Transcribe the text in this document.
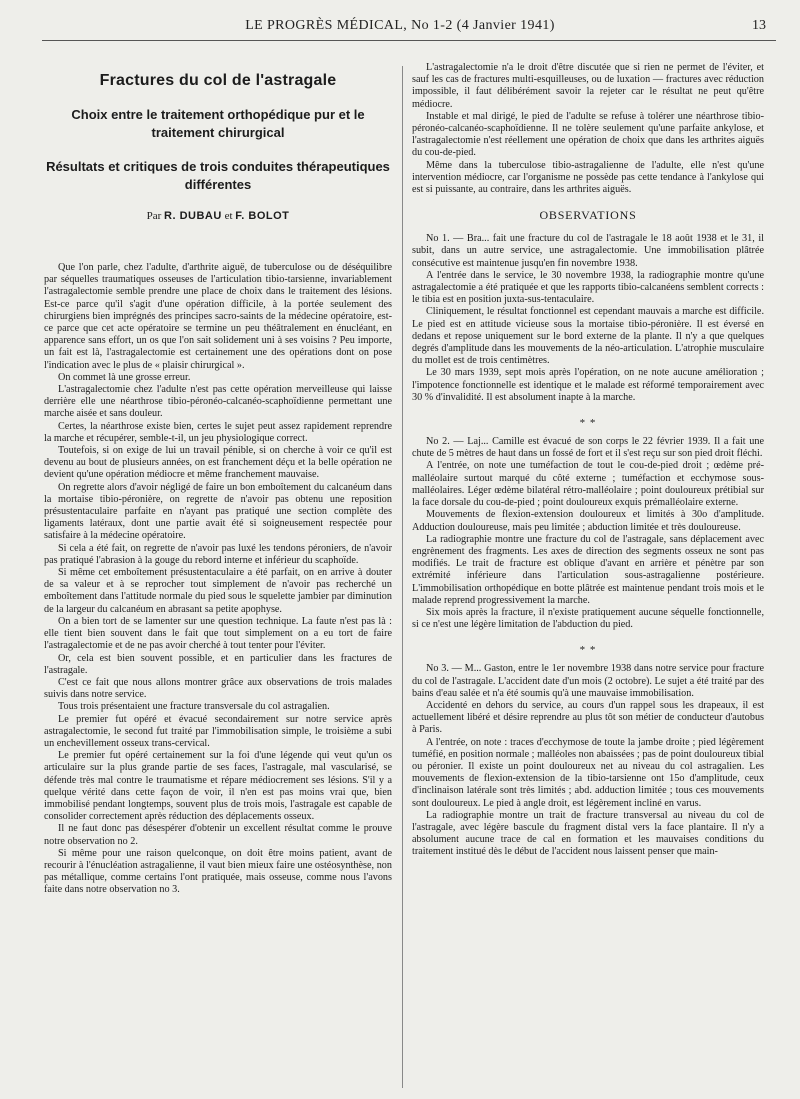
LE PROGRÈS MÉDICAL, No 1-2 (4 Janvier 1941)	13
Fractures du col de l'astragale
Choix entre le traitement orthopédique pur et le traitement chirurgical
Résultats et critiques de trois conduites thérapeutiques différentes
Par R. DUBAU et F. BOLOT

Que l'on parle, chez l'adulte, d'arthrite aiguë, de tuberculose ou de déséquilibre par séquelles traumatiques osseuses de l'articulation tibio-tarsienne, invariablement l'astragalectomie semble prendre une place de choix dans le traitement des lésions. Est-ce parce qu'il s'agit d'une opération difficile, à la portée seulement des chirurgiens bien imprégnés des principes sacro-saints de la médecine opératoire, est-ce parce que cet acte opératoire se termine un peu théâtralement en énucléant, en apparence sans effort, un os que l'on sait solidement uni à ses voisins ? Peu importe, un fait est là, l'astragalectomie est certainement une des opérations dont on pose l'indication avec le plus de « plaisir chirurgical ».

On commet là une grosse erreur.

L'astragalectomie chez l'adulte n'est pas cette opération merveilleuse qui laisse derrière elle une néarthrose tibio-péronéo-calcanéo-scaphoïdienne permettant une marche aisée et sans douleur.

Certes, la néarthrose existe bien, certes le sujet peut assez rapidement reprendre la marche et récupérer, semble-t-il, un jeu physiologique correct.

Toutefois, si on exige de lui un travail pénible, si on cherche à voir ce qu'il est devenu au bout de plusieurs années, on est franchement déçu et la belle opération ne devient qu'une opération médiocre et même franchement mauvaise.

On regrette alors d'avoir négligé de faire un bon emboîtement du calcanéum dans la mortaise tibio-péronière, on regrette de n'avoir pas obtenu une reposition présustentaculaire parfaite en n'ayant pas pratiqué une section complète des ligaments latéraux, dont une partie avait été si soigneusement respectée pour satisfaire à la médecine opératoire.

Si cela a été fait, on regrette de n'avoir pas luxé les tendons péroniers, de n'avoir pas pratiqué l'abrasion à la gouge du rebord interne et inférieur du scaphoïde.

Si même cet emboîtement présustentaculaire a été parfait, on en arrive à douter de sa valeur et à se reprocher tout simplement de n'avoir pas recherché un emboîtement dans l'attitude normale du pied sous le squelette jambier par diminution de la largeur du calcanéum en abrasant sa petite apophyse.

On a bien tort de se lamenter sur une question technique. La faute n'est pas là : elle tient bien souvent dans le fait que tout simplement on a eu tort de faire l'astragalectomie et de ne pas avoir cherché à tout tenter pour l'éviter.

Or, cela est bien souvent possible, et en particulier dans les fractures de l'astragale.

C'est ce fait que nous allons montrer grâce aux observations de trois malades suivis dans notre service.

Tous trois présentaient une fracture transversale du col astragalien.

Le premier fut opéré et évacué secondairement sur notre service après astragalectomie, le second fut traité par l'immobilisation simple, le troisième a subi un enchevillement osseux trans-cervical.

Le premier fut opéré certainement sur la foi d'une légende qui veut qu'un os articulaire sur la plus grande partie de ses faces, l'astragale, mal vascularisé, se défende très mal contre le traumatisme et répare médiocrement ses lésions. S'il y a quelque vérité dans cette façon de voir, il n'en est pas moins vrai que, bien immobilisé pendant longtemps, souvent plus de trois mois, l'astragale est capable de consolider correctement après réduction des déplacements osseux.

Il ne faut donc pas désespérer d'obtenir un excellent résultat comme le prouve notre observation no 2.

Si même pour une raison quelconque, on doit être moins patient, avant de recourir à l'énucléation astragalienne, il vaut bien mieux faire une ostéosynthèse, non pas métallique, comme certains l'ont pratiquée, mais osseuse, comme nous l'avons faite dans notre observation no 3.

L'astragalectomie n'a le droit d'être discutée que si rien ne permet de l'éviter, et sauf les cas de fractures multi-esquilleuses, ou de luxation — fractures avec réduction impossible, il faut délibérément savoir la rejeter car le résultat ne peut qu'être médiocre.

Instable et mal dirigé, le pied de l'adulte se refuse à tolérer une néarthrose tibio-péronéo-calcanéo-scaphoïdienne. Il ne tolère seulement qu'une parfaite ankylose, et l'astragalectomie n'est réellement une opération de choix que dans les arthrites aiguës du cou-de-pied.

Même dans la tuberculose tibio-astragalienne de l'adulte, elle n'est qu'une intervention médiocre, car l'organisme ne possède pas cette tendance à l'ankylose qui est si puissante, au contraire, dans les arthrites aiguës.

OBSERVATIONS

No 1. — Bra... fait une fracture du col de l'astragale le 18 août 1938 et le 31, il subit, dans un autre service, une astragalectomie. Une immobilisation plâtrée consécutive est maintenue jusqu'en fin novembre 1938.

A l'entrée dans le service, le 30 novembre 1938, la radiographie montre qu'une astragalectomie a été pratiquée et que les rapports tibio-calcanéens semblent corrects : le tibia est en position juxta-sus-tentaculaire.

Cliniquement, le résultat fonctionnel est cependant mauvais a marche est difficile. Le pied est en attitude vicieuse sous la mortaise tibio-péronière. Il est éversé en dedans et repose uniquement sur le bord externe de la plante. Il n'y a que quelques degrés d'amplitude dans les mouvements de la néo-articulation. L'atrophie musculaire du mollet est de trois centimètres.

Le 30 mars 1939, sept mois après l'opération, on ne note aucune amélioration ; l'impotence fonctionnelle est identique et le malade est réformé temporairement avec 30 % d'invalidité. Il est absolument inapte à la marche.

* *

No 2. — Laj... Camille est évacué de son corps le 22 février 1939. Il a fait une chute de 5 mètres de haut dans un fossé de fort et il s'est reçu sur son pied droit fléchi.

A l'entrée, on note une tuméfaction de tout le cou-de-pied droit ; œdème pré-malléolaire surtout marqué du côté externe ; tuméfaction et ecchymose sous-malléolaires. Léger œdème bilatéral rétro-malléolaire ; point douloureux prétibial sur la face dorsale du cou-de-pied ; point douloureux exquis prémalléolaire externe.

Mouvements de flexion-extension douloureux et limités à 30o d'amplitude. Adduction douloureuse, mais peu limitée ; abduction limitée et très douloureuse.

La radiographie montre une fracture du col de l'astragale, sans déplacement avec engrènement des fragments. Les axes de direction des segments osseux ne sont pas modifiés. Le trait de fracture est oblique d'avant en arrière et pénètre par son extrémité inférieure dans l'articulation sous-astragalienne postérieure. L'immobilisation orthopédique en botte plâtrée est maintenue pendant trois mois et le malade reprend progressivement la marche.

Six mois après la fracture, il n'existe pratiquement aucune séquelle fonctionnelle, si ce n'est une légère limitation de l'abduction du pied.

* *

No 3. — M... Gaston, entre le 1er novembre 1938 dans notre service pour fracture du col de l'astragale. L'accident date d'un mois (2 octobre). Le sujet a été traité par des bains d'eau salée et n'a été soumis qu'à une mauvaise immobilisation.

Accidenté en dehors du service, au cours d'un rappel sous les drapeaux, il est actuellement libéré et désire reprendre au plus tôt son métier de conducteur d'autobus à Paris.

A l'entrée, on note : traces d'ecchymose de toute la jambe droite ; pied légèrement tuméfié, en position normale ; malléoles non abaissées ; pas de point douloureux tibial ou péronier. Il existe un point douloureux net au niveau du col astragalien. Les mouvements de flexion-extension de la tibio-tarsienne ont 15o d'amplitude, ceux d'inclinaison latérale sont très limités ; abd. adduction limitée ; tous ces mouvements sont douloureux. Le pied à angle droit, est légèrement incliné en varus.

La radiographie montre un trait de fracture transversal au niveau du col de l'astragale, avec légère bascule du fragment distal vers la face plantaire. Il n'y a absolument aucune trace de cal en formation et les mauvaises conditions du traitement institué dès le début de l'accident nous laissent penser que main-
